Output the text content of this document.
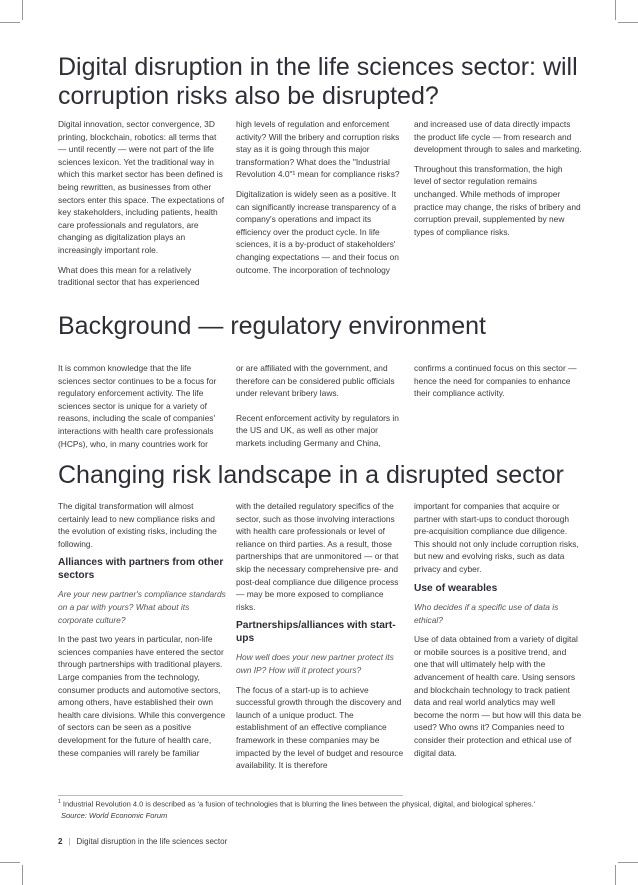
Digital disruption in the life sciences sector: will corruption risks also be disrupted?

Digital innovation, sector convergence, 3D printing, blockchain, robotics: all terms that — until recently — were not part of the life sciences lexicon. Yet the traditional way in which this market sector has been defined is being rewritten, as businesses from other sectors enter this space. The expectations of key stakeholders, including patients, health care professionals and regulators, are changing as digitalization plays an increasingly important role.

What does this mean for a relatively traditional sector that has experienced

high levels of regulation and enforcement activity? Will the bribery and corruption risks stay as it is going through this major transformation? What does the "Industrial Revolution 4.0"¹ mean for compliance risks?

Digitalization is widely seen as a positive. It can significantly increase transparency of a company's operations and impact its efficiency over the product cycle. In life sciences, it is a by-product of stakeholders' changing expectations — and their focus on outcome. The incorporation of technology

and increased use of data directly impacts the product life cycle — from research and development through to sales and marketing.

Throughout this transformation, the high level of sector regulation remains unchanged. While methods of improper practice may change, the risks of bribery and corruption prevail, supplemented by new types of compliance risks.

Background — regulatory environment

It is common knowledge that the life sciences sector continues to be a focus for regulatory enforcement activity. The life sciences sector is unique for a variety of reasons, including the scale of companies' interactions with health care professionals (HCPs), who, in many countries work for

or are affiliated with the government, and therefore can be considered public officials under relevant bribery laws.

Recent enforcement activity by regulators in the US and UK, as well as other major markets including Germany and China,

confirms a continued focus on this sector — hence the need for companies to enhance their compliance activity.

Changing risk landscape in a disrupted sector

The digital transformation will almost certainly lead to new compliance risks and the evolution of existing risks, including the following.

Alliances with partners from other sectors

Are your new partner's compliance standards on a par with yours? What about its corporate culture?

In the past two years in particular, non-life sciences companies have entered the sector through partnerships with traditional players. Large companies from the technology, consumer products and automotive sectors, among others, have established their own health care divisions. While this convergence of sectors can be seen as a positive development for the future of health care, these companies will rarely be familiar

with the detailed regulatory specifics of the sector, such as those involving interactions with health care professionals or level of reliance on third parties. As a result, those partnerships that are unmonitored — or that skip the necessary comprehensive pre- and post-deal compliance due diligence process — may be more exposed to compliance risks.

Partnerships/alliances with start-ups

How well does your new partner protect its own IP? How will it protect yours?

The focus of a start-up is to achieve successful growth through the discovery and launch of a unique product. The establishment of an effective compliance framework in these companies may be impacted by the level of budget and resource availability. It is therefore

important for companies that acquire or partner with start-ups to conduct thorough pre-acquisition compliance due diligence. This should not only include corruption risks, but new and evolving risks, such as data privacy and cyber.

Use of wearables

Who decides if a specific use of data is ethical?

Use of data obtained from a variety of digital or mobile sources is a positive trend, and one that will ultimately help with the advancement of health care. Using sensors and blockchain technology to track patient data and real world analytics may well become the norm — but how will this data be used? Who owns it? Companies need to consider their protection and ethical use of digital data.

$^1$ Industrial Revolution 4.0 is described as 'a fusion of technologies that is blurring the lines between the physical, digital, and biological spheres.'
Source: World Economic Forum
2 | Digital disruption in the life sciences sector
